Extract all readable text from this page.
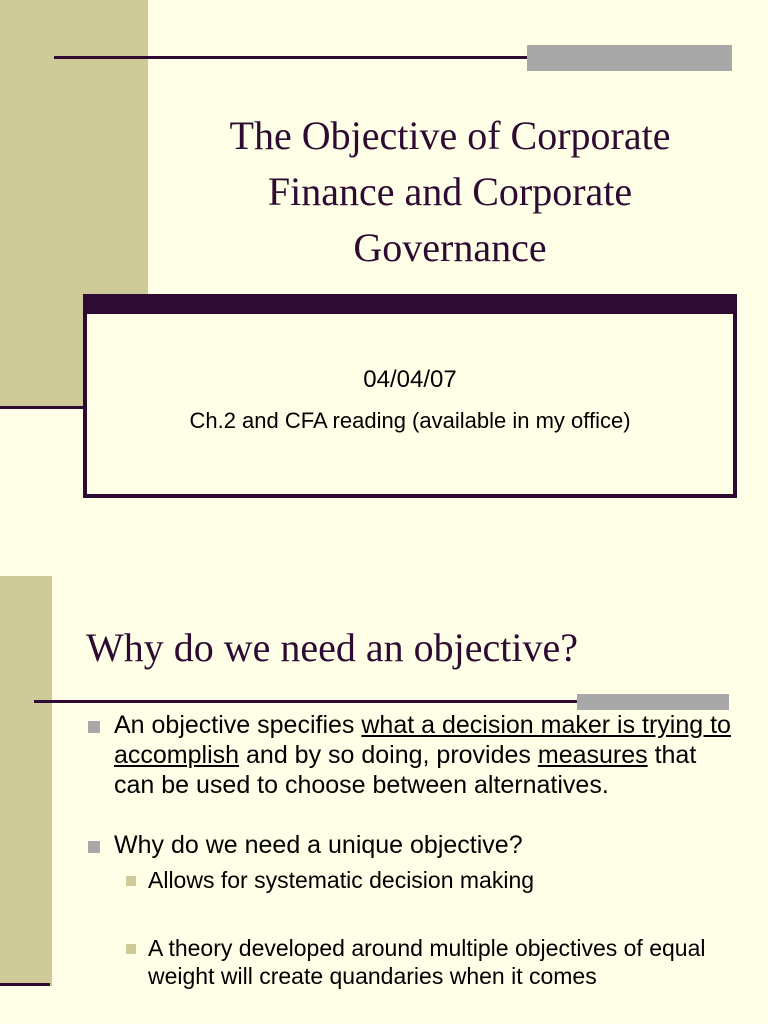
The Objective of Corporate
Finance and Corporate
Governance
04/04/07
Ch.2 and CFA reading (available in my office)
Why do we need an objective?
An objective specifies what a decision maker is trying to accomplish and by so doing, provides measures that can be used to choose between alternatives.
Why do we need a unique objective?
Allows for systematic decision making
A theory developed around multiple objectives of equal weight will create quandaries when it comes
